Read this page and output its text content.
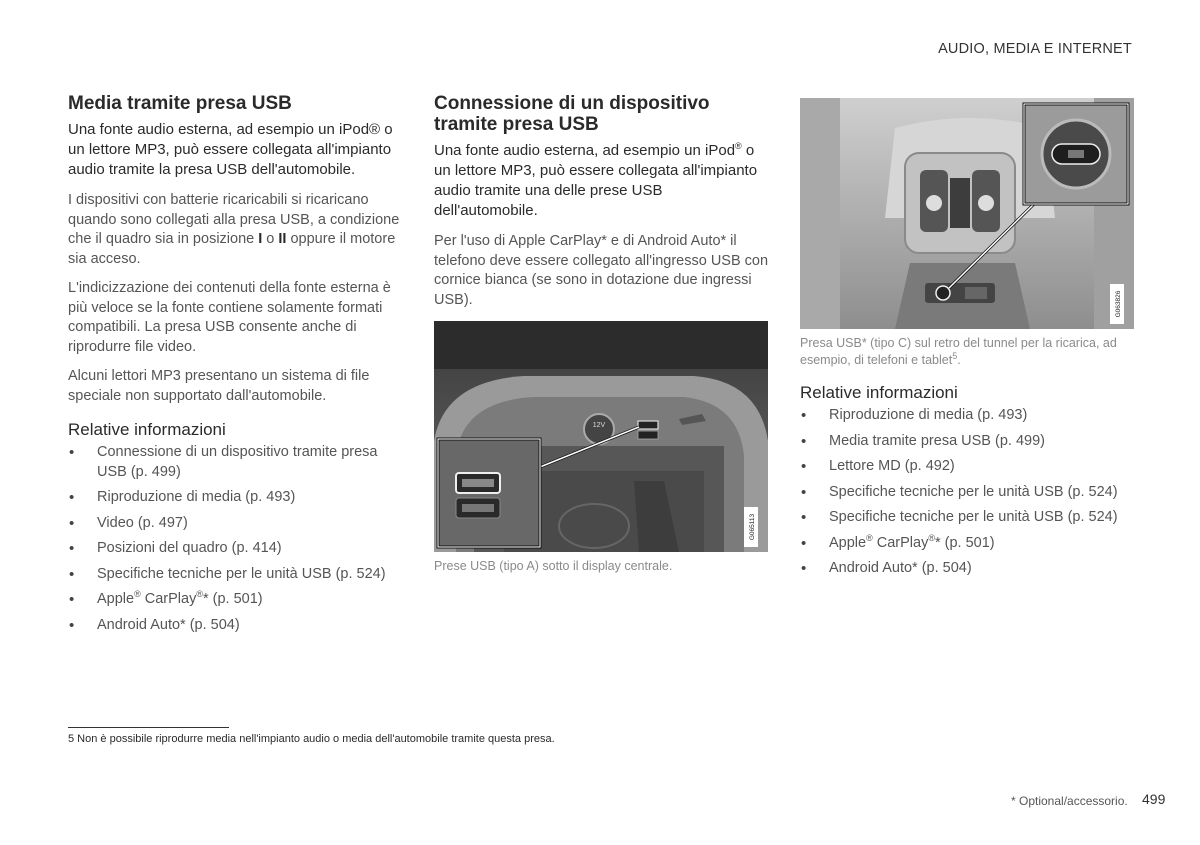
AUDIO, MEDIA E INTERNET
Media tramite presa USB

Una fonte audio esterna, ad esempio un iPod® o un lettore MP3, può essere collegata all'impianto audio tramite la presa USB dell'automobile.

I dispositivi con batterie ricaricabili si ricaricano quando sono collegati alla presa USB, a condizione che il quadro sia in posizione I o II oppure il motore sia acceso.

L'indicizzazione dei contenuti della fonte esterna è più veloce se la fonte contiene solamente formati compatibili. La presa USB consente anche di riprodurre file video.

Alcuni lettori MP3 presentano un sistema di file speciale non supportato dall'automobile.

Relative informazioni
• Connessione di un dispositivo tramite presa USB (p. 499)
• Riproduzione di media (p. 493)
• Video (p. 497)
• Posizioni del quadro (p. 414)
• Specifiche tecniche per le unità USB (p. 524)
• Apple® CarPlay®* (p. 501)
• Android Auto* (p. 504)
Connessione di un dispositivo tramite presa USB

Una fonte audio esterna, ad esempio un iPod® o un lettore MP3, può essere collegata all'impianto audio tramite una delle prese USB dell'automobile.

Per l'uso di Apple CarPlay* e di Android Auto* il telefono deve essere collegato all'ingresso USB con cornice bianca (se sono in dotazione due ingressi USB).

12V
G065113

Prese USB (tipo A) sotto il display centrale.

G063826

Presa USB* (tipo C) sul retro del tunnel per la ricarica, ad esempio, di telefoni e tablet$^5$.

Relative informazioni
• Riproduzione di media (p. 493)
• Media tramite presa USB (p. 499)
• Lettore MD (p. 492)
• Specifiche tecniche per le unità USB (p. 524)
• Specifiche tecniche per le unità USB (p. 524)
• Apple® CarPlay®* (p. 501)
• Android Auto* (p. 504)
5 Non è possibile riprodurre media nell'impianto audio o media dell'automobile tramite questa presa.
* Optional/accessorio. 499
